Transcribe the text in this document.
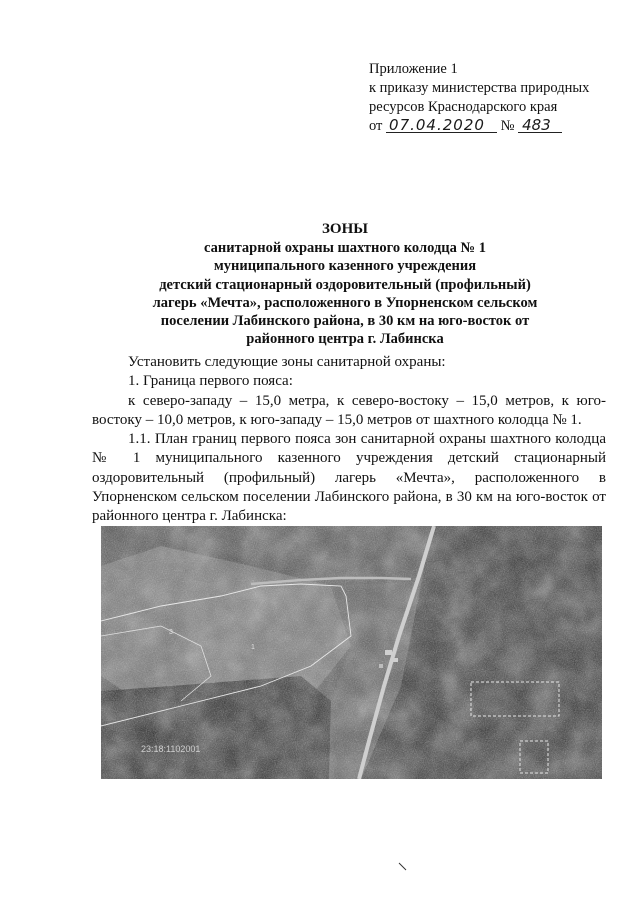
Приложение 1
к приказу министерства природных
ресурсов Краснодарского края
от 07.04.2020 № 483
ЗОНЫ
санитарной охраны шахтного колодца № 1
муниципального казенного учреждения
детский стационарный оздоровительный (профильный)
лагерь «Мечта», расположенного в Упорненском сельском
поселении Лабинского района, в 30 км на юго-восток от
районного центра г. Лабинска

Установить следующие зоны санитарной охраны:

1. Граница первого пояса:

к северо-западу – 15,0 метра, к северо-востоку – 15,0 метров, к юго-востоку – 10,0 метров, к юго-западу – 15,0 метров от шахтного колодца № 1.

1.1. План границ первого пояса зон санитарной охраны шахтного колодца № 1 муниципального казенного учреждения детский стационарный оздоровительный (профильный) лагерь «Мечта», расположенного в Упорненском сельском поселении Лабинского района, в 30 км на юго-восток от районного центра г. Лабинска:

3
1
23:18:1102001
